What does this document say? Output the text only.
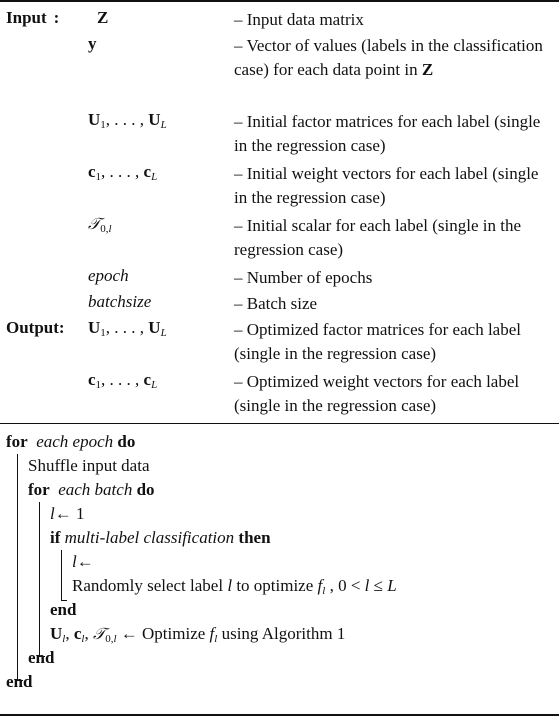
Input : Z	– Input data matrix
y	– Vector of values (labels in the classification case) for each data point in Z
$U_1$, . . . , $U_L$	– Initial factor matrices for each label (single in the regression case)
$c_1$, . . . , $c_L$	– Initial weight vectors for each label (single in the regression case)
𝒯$_{0,l}$	– Initial scalar for each label (single in the regression case)
epoch	– Number of epochs
batchsize	– Batch size
Output: $U_1$, . . . , $U_L$	– Optimized factor matrices for each label (single in the regression case)
$c_1$, . . . , $c_L$	– Optimized weight vectors for each label (single in the regression case)
for each epoch do
Shuffle input data
for each batch do
l← 1
if multi-label classification then
l←
Randomly select label l to optimize $f_l$ , 0 < l ≤ L
end
$U_l$, $c_l$, 𝒯$_{0,l}$ ← Optimize $f_l$ using Algorithm 1
end
end
